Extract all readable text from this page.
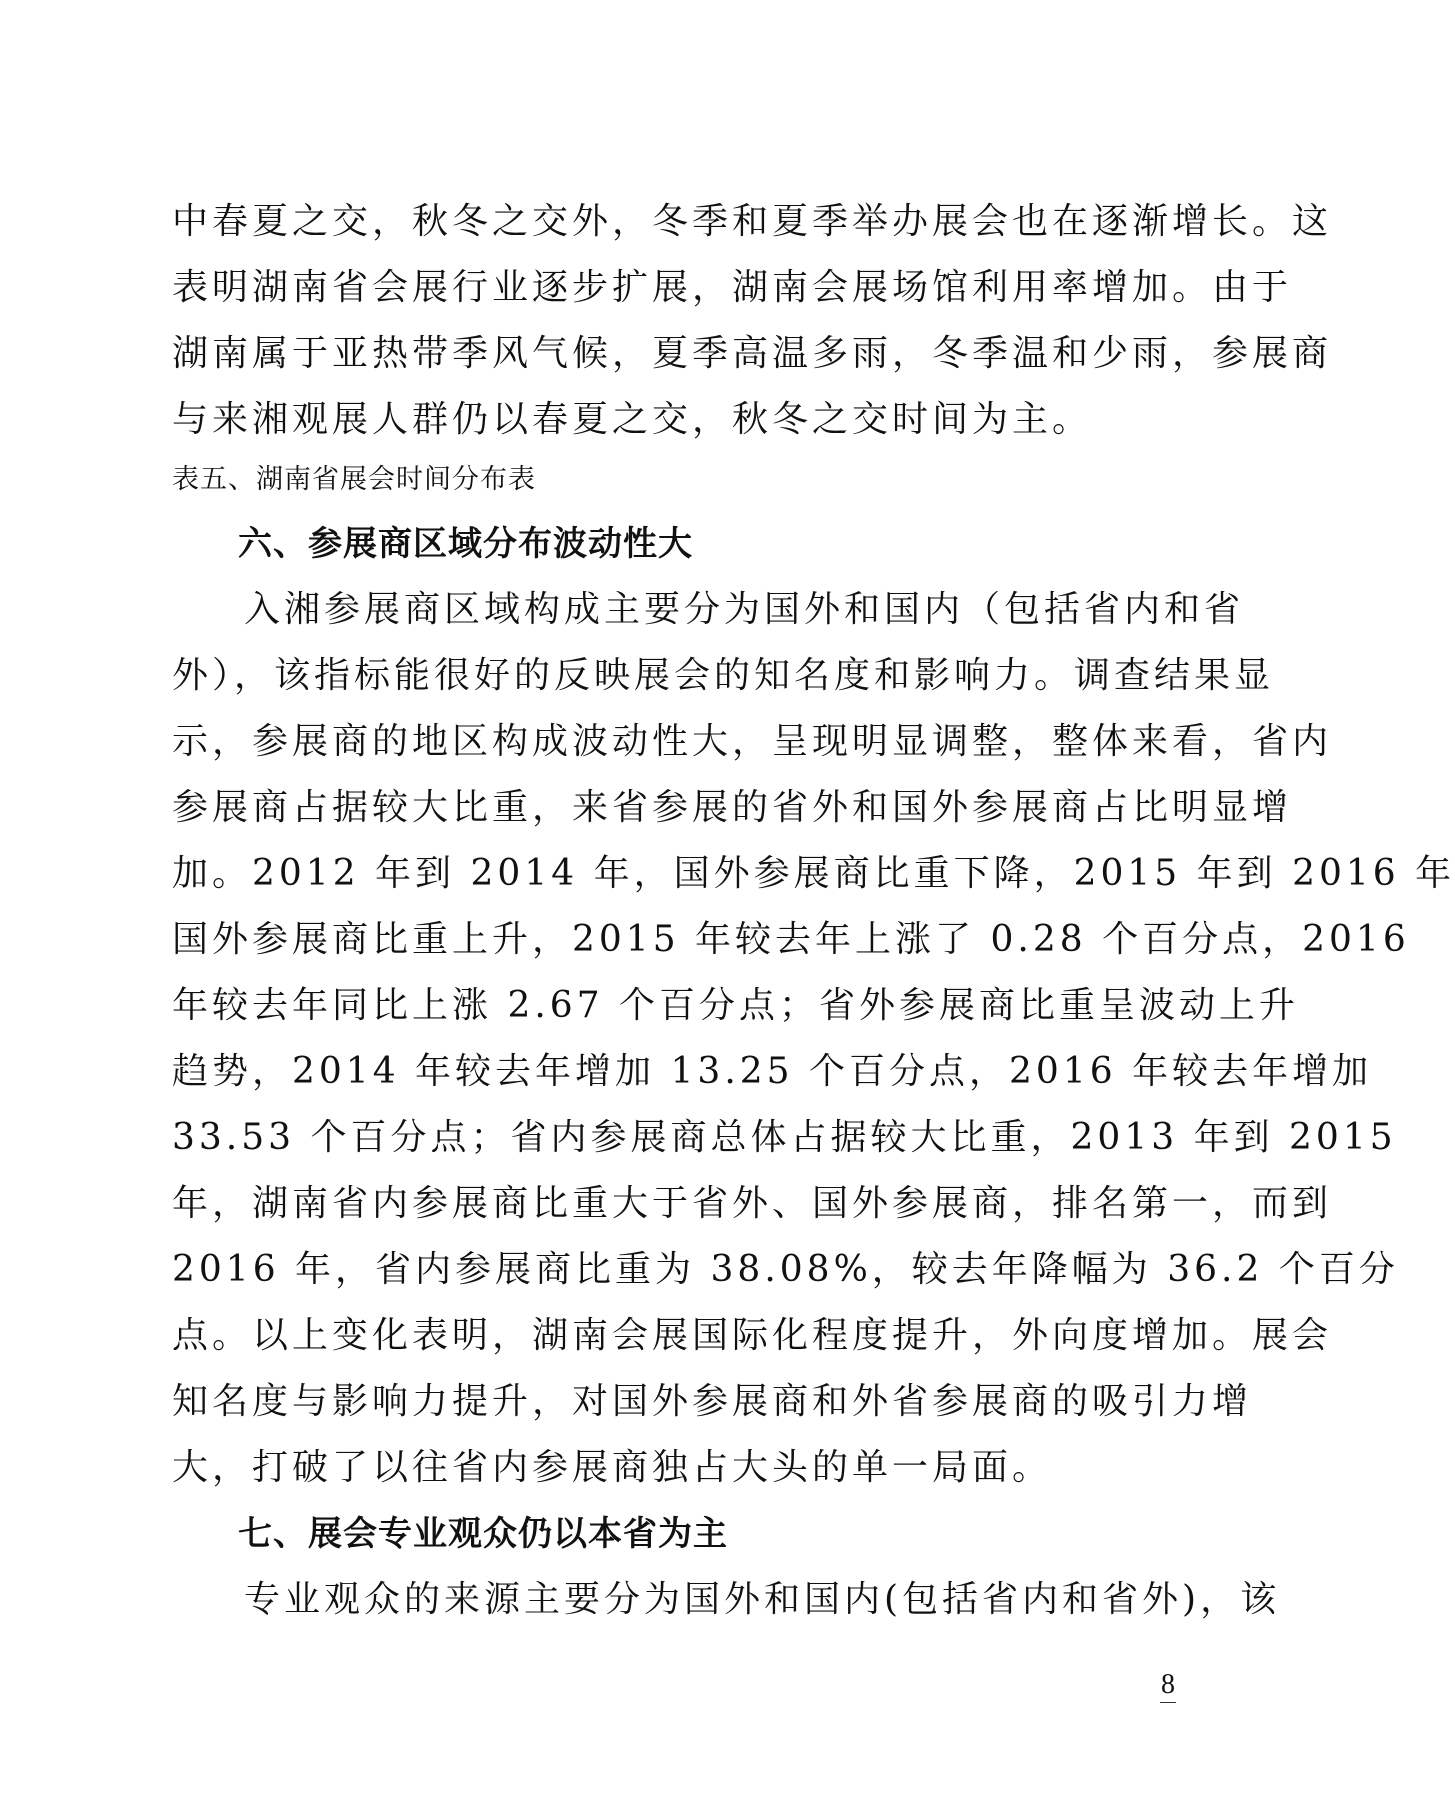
中春夏之交，秋冬之交外，冬季和夏季举办展会也在逐渐增长。这
表明湖南省会展行业逐步扩展，湖南会展场馆利用率增加。由于
湖南属于亚热带季风气候，夏季高温多雨，冬季温和少雨，参展商
与来湘观展人群仍以春夏之交，秋冬之交时间为主。
表五、湖南省展会时间分布表
六、参展商区域分布波动性大
入湘参展商区域构成主要分为国外和国内（包括省内和省
外），该指标能很好的反映展会的知名度和影响力。调查结果显
示，参展商的地区构成波动性大，呈现明显调整，整体来看，省内
参展商占据较大比重，来省参展的省外和国外参展商占比明显增
加。2012 年到 2014 年，国外参展商比重下降，2015 年到 2016 年
国外参展商比重上升，2015 年较去年上涨了 0.28 个百分点，2016
年较去年同比上涨 2.67 个百分点；省外参展商比重呈波动上升
趋势，2014 年较去年增加 13.25 个百分点，2016 年较去年增加
33.53 个百分点；省内参展商总体占据较大比重，2013 年到 2015
年，湖南省内参展商比重大于省外、国外参展商，排名第一，而到
2016 年，省内参展商比重为 38.08%，较去年降幅为 36.2 个百分
点。以上变化表明，湖南会展国际化程度提升，外向度增加。展会
知名度与影响力提升，对国外参展商和外省参展商的吸引力增
大，打破了以往省内参展商独占大头的单一局面。
七、展会专业观众仍以本省为主
专业观众的来源主要分为国外和国内(包括省内和省外)，该
8
